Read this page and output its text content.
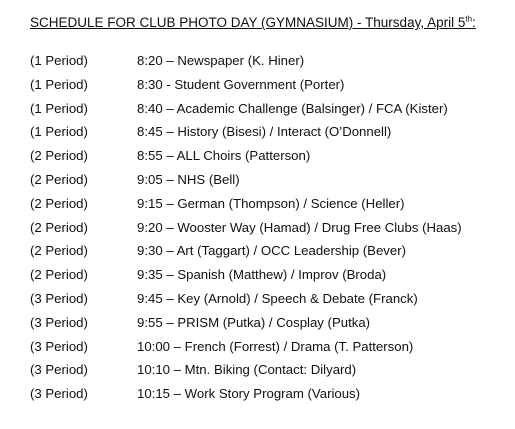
SCHEDULE FOR CLUB PHOTO DAY (GYMNASIUM) - Thursday, April 5th:
(1 Period)	8:20 – Newspaper (K. Hiner)
(1 Period)	8:30 - Student Government (Porter)
(1 Period)	8:40 – Academic Challenge (Balsinger) / FCA (Kister)
(1 Period)	8:45 – History (Bisesi) / Interact (O’Donnell)
(2 Period)	8:55 – ALL Choirs (Patterson)
(2 Period)	9:05 – NHS (Bell)
(2 Period)	9:15 – German (Thompson) / Science (Heller)
(2 Period)	9:20 – Wooster Way (Hamad) / Drug Free Clubs (Haas)
(2 Period)	9:30 – Art (Taggart) / OCC Leadership (Bever)
(2 Period)	9:35 – Spanish (Matthew) / Improv (Broda)
(3 Period)	9:45 – Key (Arnold) / Speech & Debate (Franck)
(3 Period)	9:55 – PRISM (Putka) / Cosplay (Putka)
(3 Period)	10:00 – French (Forrest) / Drama (T. Patterson)
(3 Period)	10:10 – Mtn. Biking (Contact: Dilyard)
(3 Period)	10:15 – Work Story Program (Various)
